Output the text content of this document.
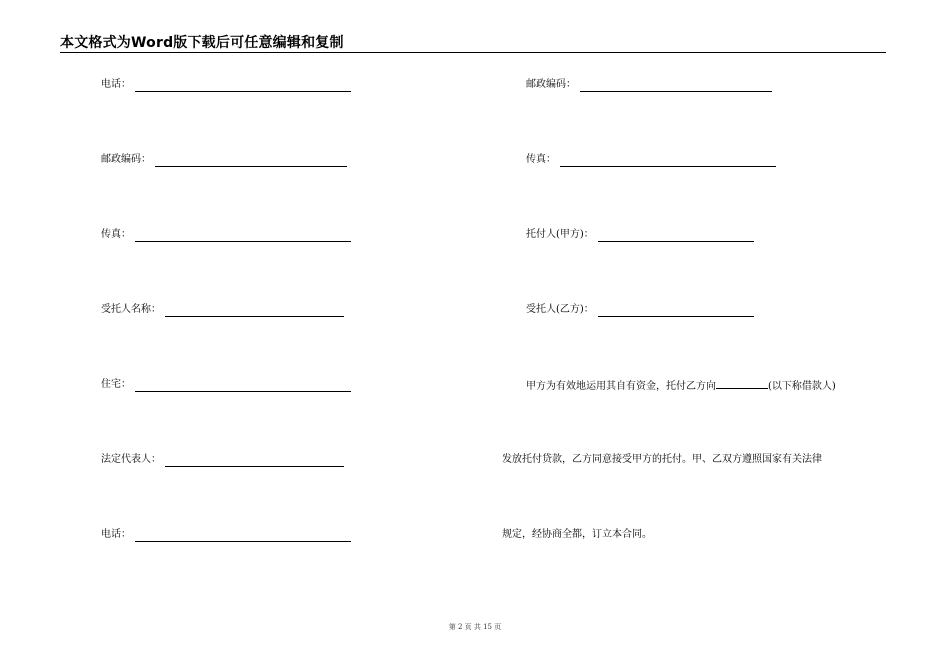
本文格式为Word版下载后可任意编辑和复制
电话：
邮政编码：
传真：
受托人名称：
住宅：
法定代表人：
电话：
邮政编码：
传真：
托付人(甲方)：
受托人(乙方)：
甲方为有效地运用其自有资金，托付乙方向	(以下称借款人)
发放托付贷款，乙方同意接受甲方的托付。甲、乙双方遵照国家有关法律
规定，经协商全都，订立本合同。
第 2 页 共 15 页
